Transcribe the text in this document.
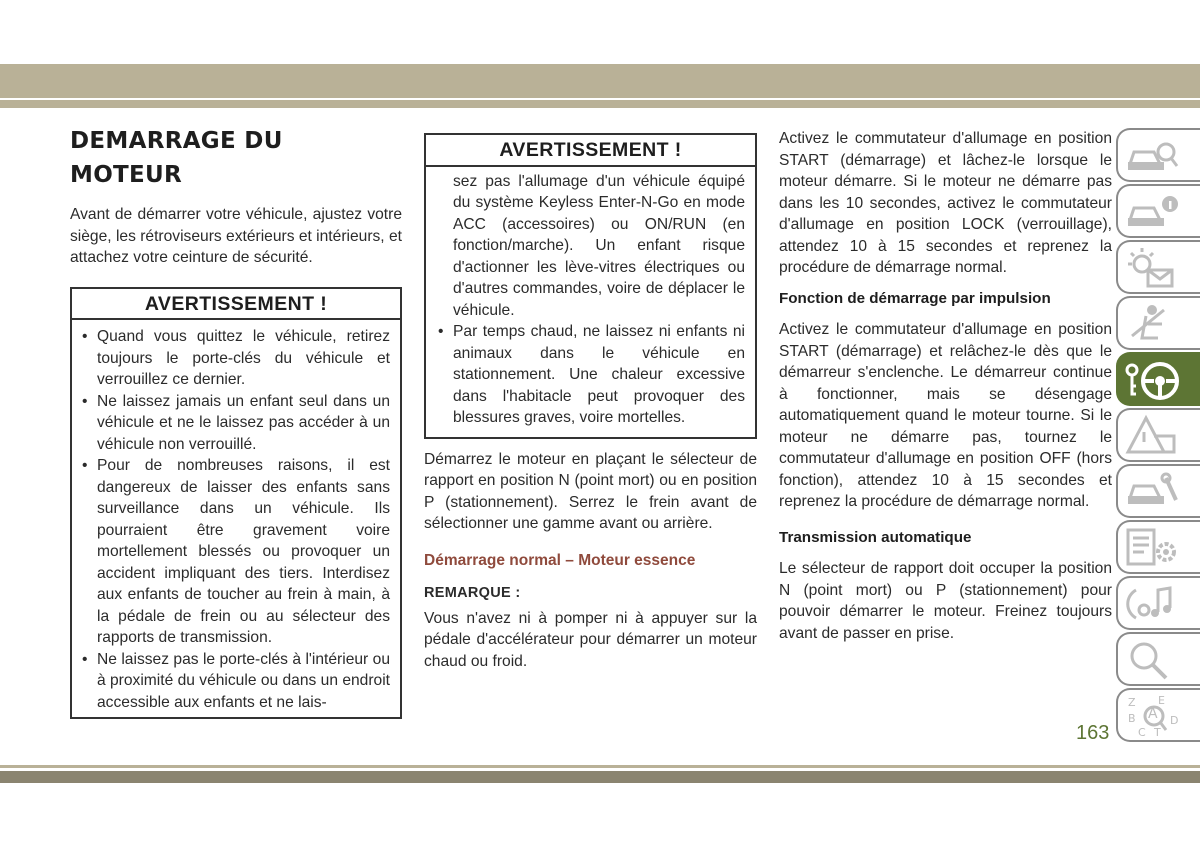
DEMARRAGE DU MOTEUR

Avant de démarrer votre véhicule, ajustez votre siège, les rétroviseurs extérieurs et intérieurs, et attachez votre ceinture de sécurité.

AVERTISSEMENT !
• Quand vous quittez le véhicule, retirez toujours le porte-clés du véhicule et verrouillez ce dernier.
• Ne laissez jamais un enfant seul dans un véhicule et ne le laissez pas accéder à un véhicule non verrouillé.
• Pour de nombreuses raisons, il est dangereux de laisser des enfants sans surveillance dans un véhicule. Ils pourraient être gravement voire mortellement blessés ou provoquer un accident impliquant des tiers. Interdisez aux enfants de toucher au frein à main, à la pédale de frein ou au sélecteur des rapports de transmission.
• Ne laissez pas le porte-clés à l'intérieur ou à proximité du véhicule ou dans un endroit accessible aux enfants et ne lais-
AVERTISSEMENT !
sez pas l'allumage d'un véhicule équipé du système Keyless Enter-N-Go en mode ACC (accessoires) ou ON/RUN (en fonction/marche). Un enfant risque d'actionner les lève-vitres électriques ou d'autres commandes, voire de déplacer le véhicule.
• Par temps chaud, ne laissez ni enfants ni animaux dans le véhicule en stationnement. Une chaleur excessive dans l'habitacle peut provoquer des blessures graves, voire mortelles.

Démarrez le moteur en plaçant le sélecteur de rapport en position N (point mort) ou en position P (stationnement). Serrez le frein avant de sélectionner une gamme avant ou arrière.

Démarrage normal – Moteur essence
REMARQUE :

Vous n'avez ni à pomper ni à appuyer sur la pédale d'accélérateur pour démarrer un moteur chaud ou froid.

Activez le commutateur d'allumage en position START (démarrage) et lâchez-le lorsque le moteur démarre. Si le moteur ne démarre pas dans les 10 secondes, activez le commutateur d'allumage en position LOCK (verrouillage), attendez 10 à 15 secondes et reprenez la procédure de démarrage normal.

Fonction de démarrage par impulsion

Activez le commutateur d'allumage en position START (démarrage) et relâchez-le dès que le démarreur s'enclenche. Le démarreur continue à fonctionner, mais se désengage automatiquement quand le moteur tourne. Si le moteur ne démarre pas, tournez le commutateur d'allumage en position OFF (hors fonction), attendez 10 à 15 secondes et reprenez la procédure de démarrage normal.

Transmission automatique

Le sélecteur de rapport doit occuper la position N (point mort) ou P (stationnement) pour pouvoir démarrer le moteur. Freinez toujours avant de passer en prise.

Z E
B A D
C T
163
